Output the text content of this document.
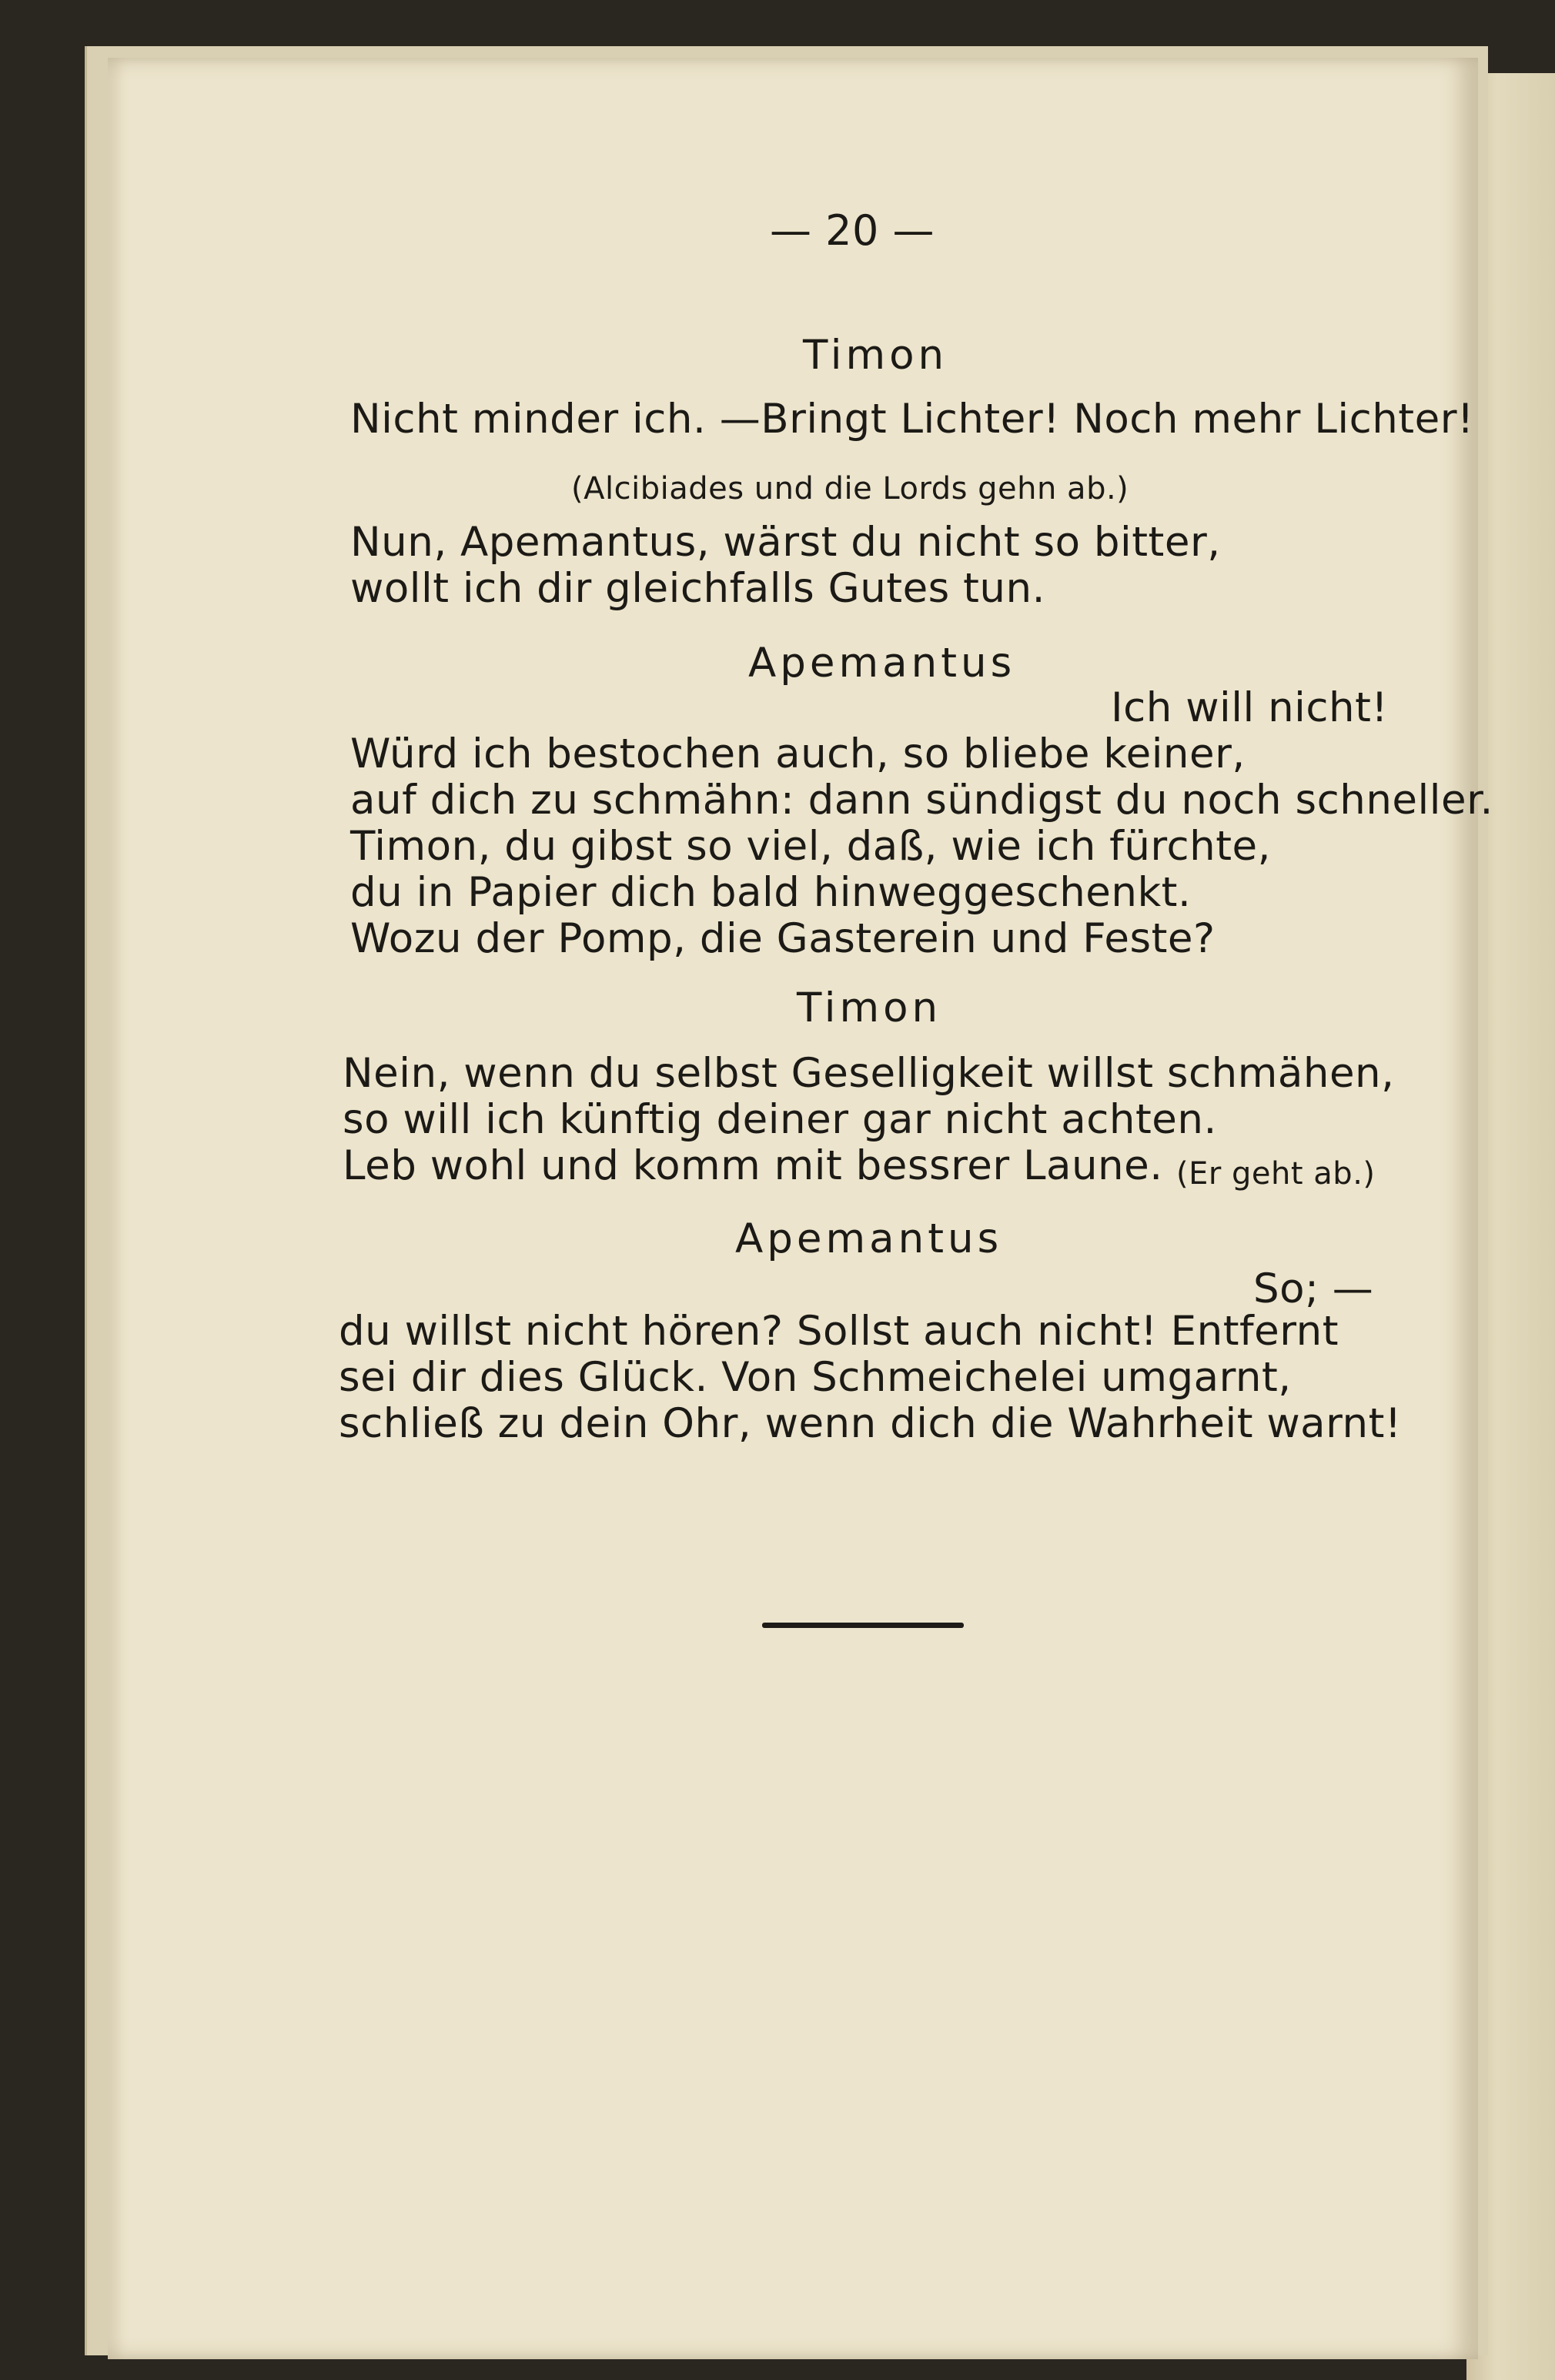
— 20 —
Timon
Nicht minder ich. —Bringt Lichter! Noch mehr Lichter!
(Alcibiades und die Lords gehn ab.)
Nun, Apemantus, wärst du nicht so bitter,
wollt ich dir gleichfalls Gutes tun.
Apemantus
Ich will nicht!
Würd ich bestochen auch, so bliebe keiner,
auf dich zu schmähn: dann sündigst du noch schneller.
Timon, du gibst so viel, daß, wie ich fürchte,
du in Papier dich bald hinweggeschenkt.
Wozu der Pomp, die Gasterein und Feste?
Timon
Nein, wenn du selbst Geselligkeit willst schmähen,
so will ich künftig deiner gar nicht achten.
Leb wohl und komm mit bessrer Laune. (Er geht ab.)
Apemantus
So; —
du willst nicht hören? Sollst auch nicht! Entfernt
sei dir dies Glück. Von Schmeichelei umgarnt,
schließ zu dein Ohr, wenn dich die Wahrheit warnt!
